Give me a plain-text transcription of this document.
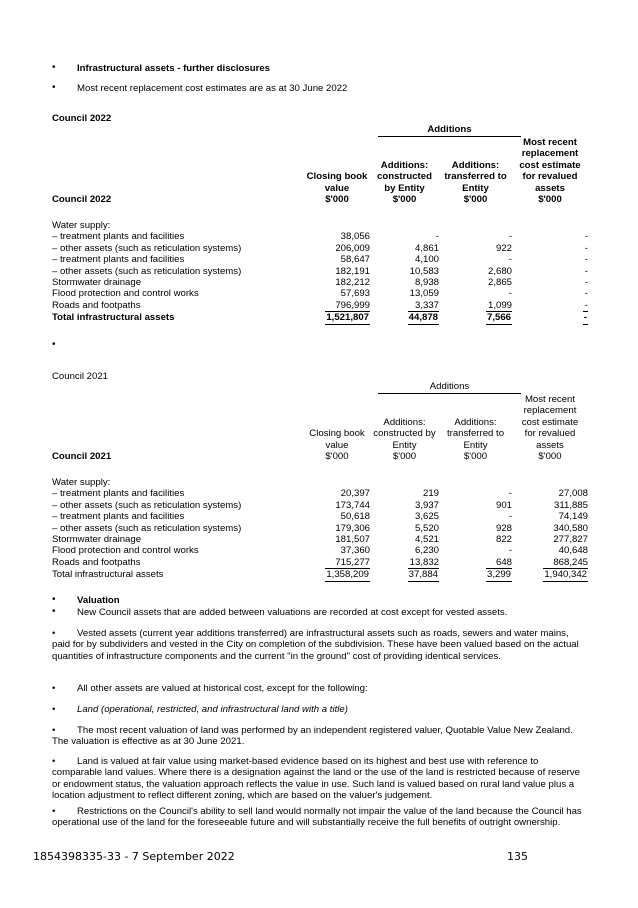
• Infrastructural assets - further disclosures
• Most recent replacement cost estimates are as at 30 June 2022
Council 2022
Additions
Council 2022	
Closing book
value
$'000

Additions:
constructed
by Entity
$'000

Additions:
transferred to
Entity
$'000

Most recent
replacement
cost estimate
for revalued
assets
$'000
Water supply:				
– treatment plants and facilities	38,056	-	-	-
– other assets (such as reticulation systems)	206,009	4,861	922	-
– treatment plants and facilities	58,647	4,100	-	-
– other assets (such as reticulation systems)	182,191	10,583	2,680	-
Stormwater drainage	182,212	8,938	2,865	-
Flood protection and control works	57,693	13,059	-	-
Roads and footpaths	796,999	3,337	1,099	-
Total infrastructural assets	1,521,807	44,878	7,566	-
•
Council 2021
Additions
Council 2021	
Closing book
value
$'000

Additions:
constructed by
Entity
$'000

Additions:
transferred to
Entity
$'000

Most recent
replacement
cost estimate
for revalued
assets
$'000
Water supply:				
– treatment plants and facilities	20,397	219	-	27,008
– other assets (such as reticulation systems)	173,744	3,937	901	311,885
– treatment plants and facilities	50,618	3,625	-	74,149
– other assets (such as reticulation systems)	179,306	5,520	928	340,580
Stormwater drainage	181,507	4,521	822	277,827
Flood protection and control works	37,360	6,230	-	40,648
Roads and footpaths	715,277	13,832	648	868,245
Total infrastructural assets	1,358,209	37,884	3,299	1,940,342
• Valuation
• New Council assets that are added between valuations are recorded at cost except for vested assets.
• Vested assets (current year additions transferred) are infrastructural assets such as roads, sewers and water mains, paid for by subdividers and vested in the City on completion of the subdivision. These have been valued based on the actual quantities of infrastructure components and the current "in the ground" cost of providing identical services.
• All other assets are valued at historical cost, except for the following:
• Land (operational, restricted, and infrastructural land with a title)
• The most recent valuation of land was performed by an independent registered valuer, Quotable Value New Zealand. The valuation is effective as at 30 June 2021.
• Land is valued at fair value using market-based evidence based on its highest and best use with reference to comparable land values. Where there is a designation against the land or the use of the land is restricted because of reserve or endowment status, the valuation approach reflects the value in use. Such land is valued based on rural land value plus a location adjustment to reflect different zoning, which are based on the valuer's judgement.
• Restrictions on the Council's ability to sell land would normally not impair the value of the land because the Council has operational use of the land for the foreseeable future and will substantially receive the full benefits of outright ownership.
1854398335-33 - 7 September 2022	135
